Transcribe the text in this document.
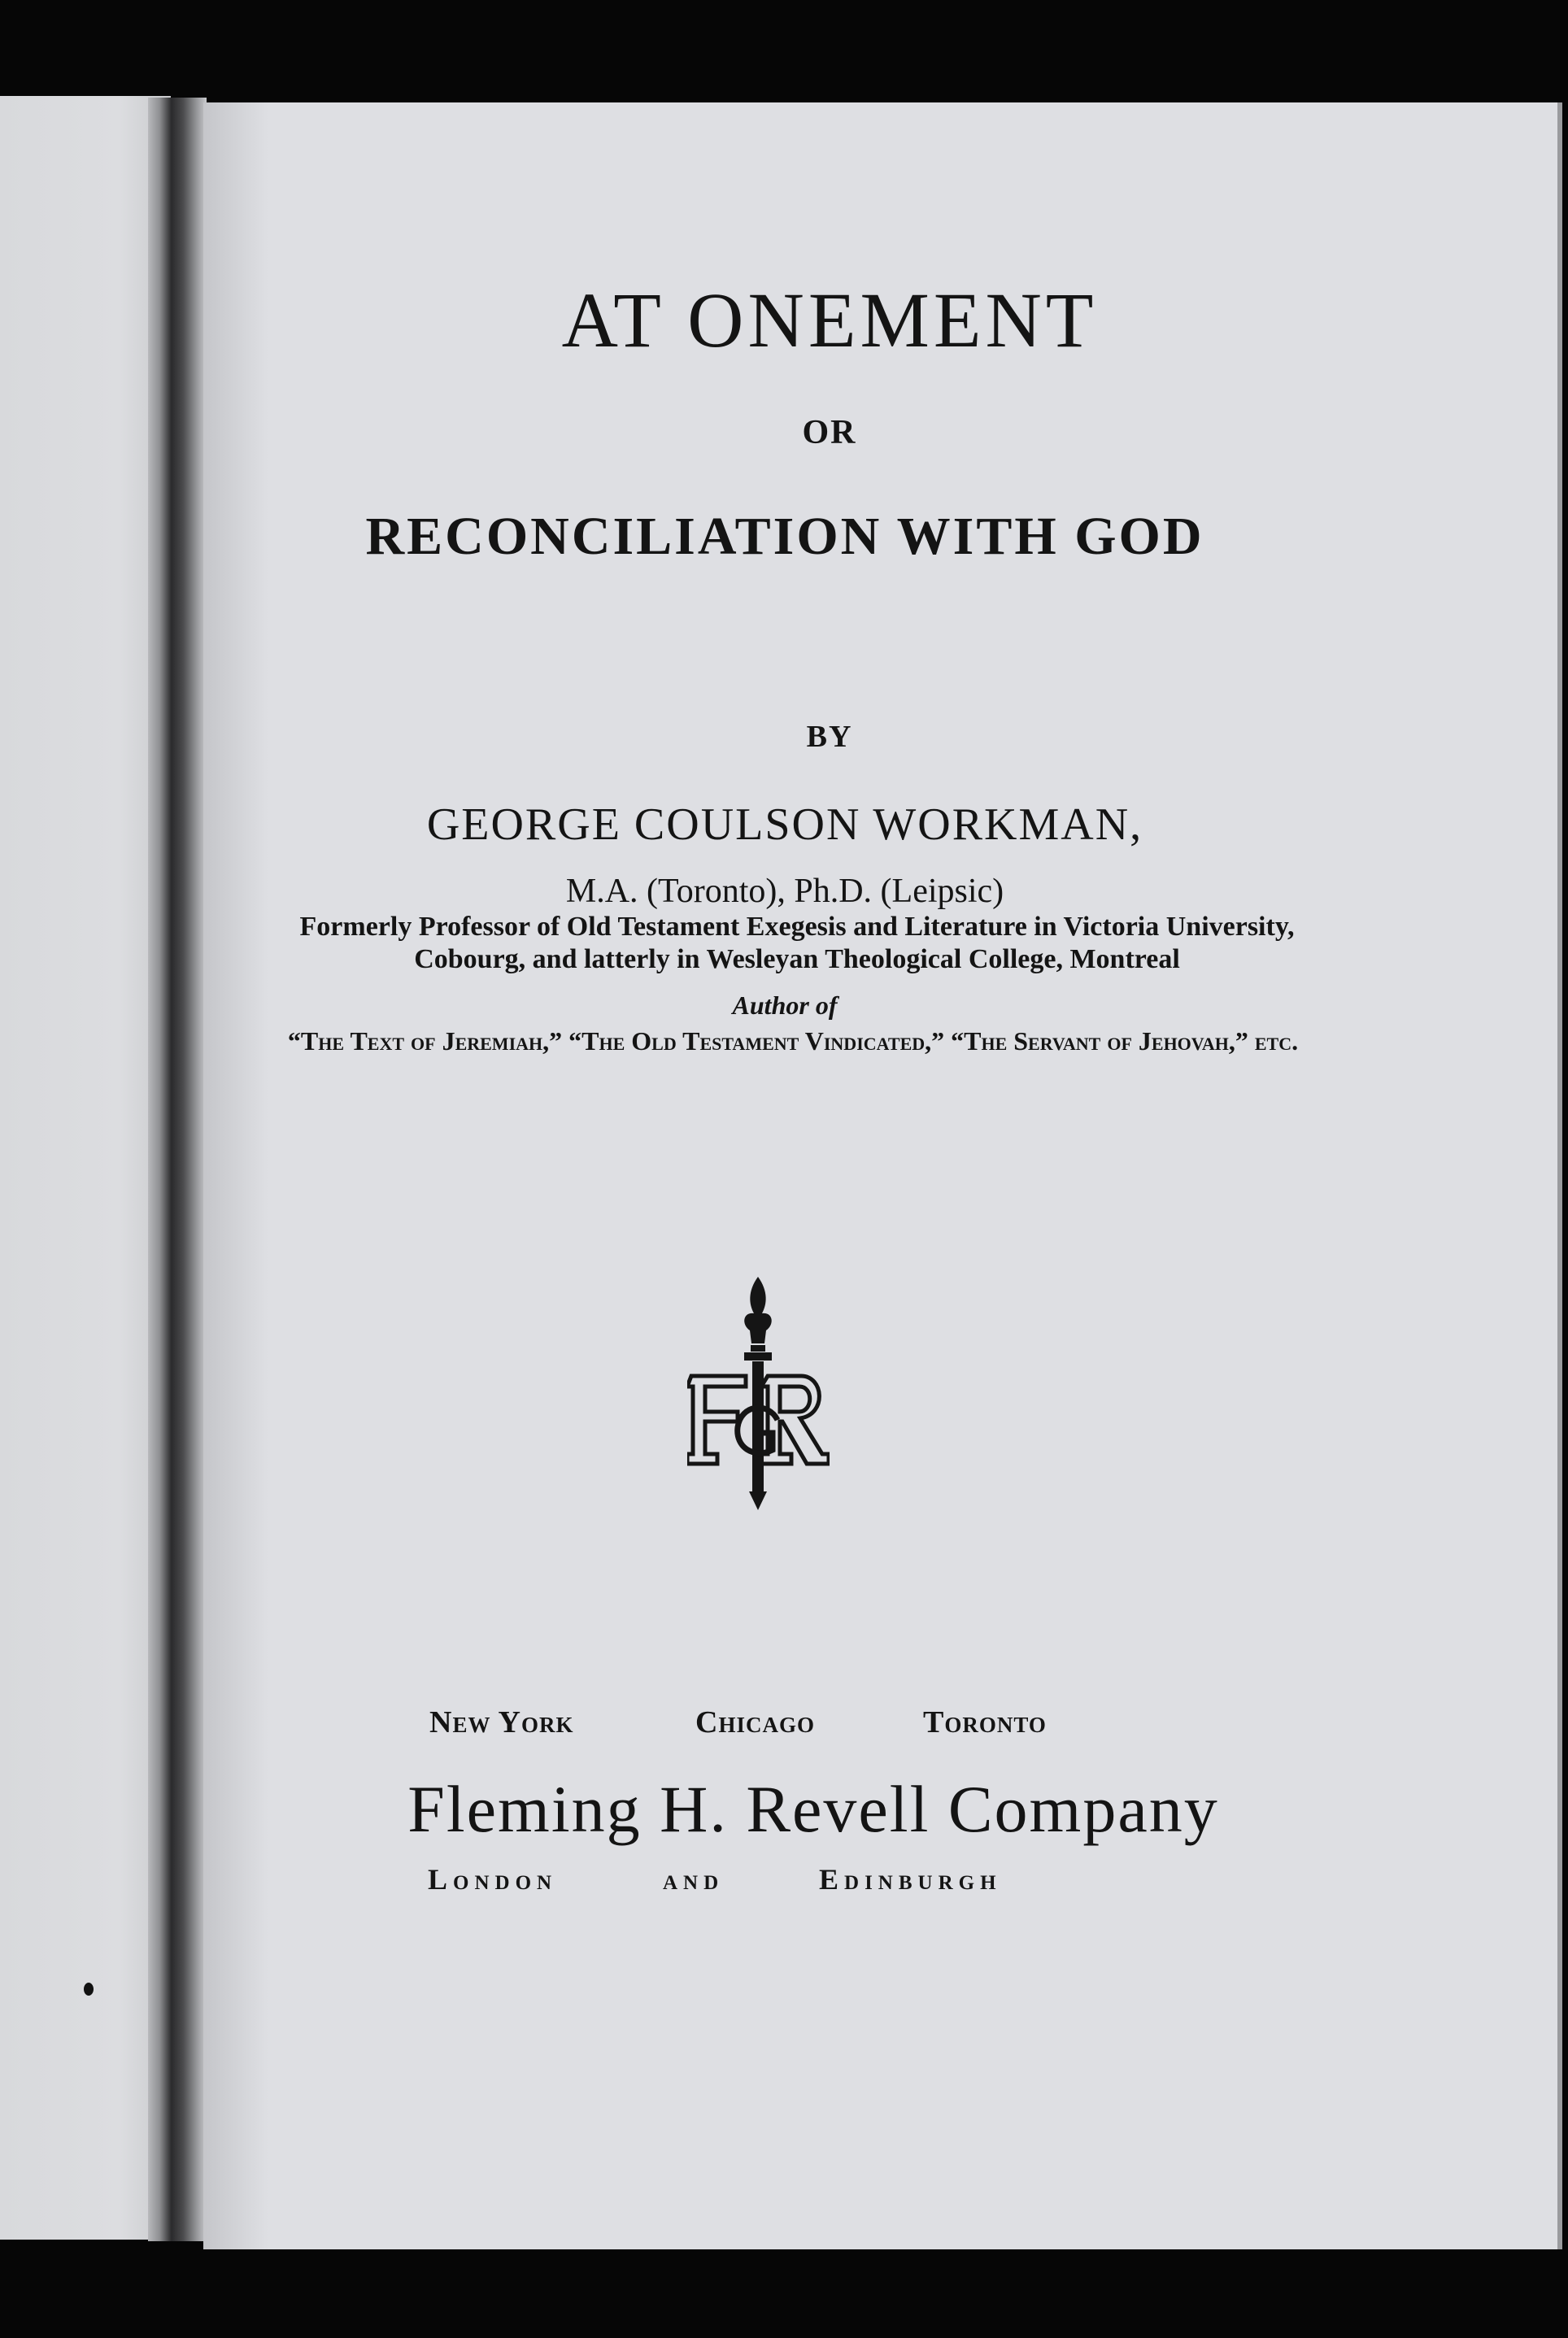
AT ONEMENT

OR

RECONCILIATION WITH GOD

BY

GEORGE COULSON WORKMAN,

M.A. (Toronto), Ph.D. (Leipsic)

Formerly Professor of Old Testament Exegesis and Literature in Victoria University, Cobourg, and latterly in Wesleyan Theological College, Montreal

Author of

“The Text of Jeremiah,” “The Old Testament Vindicated,” “The Servant of Jehovah,” etc.

New York	Chicago	Toronto

Fleming H. Revell Company

London	and	Edinburgh
